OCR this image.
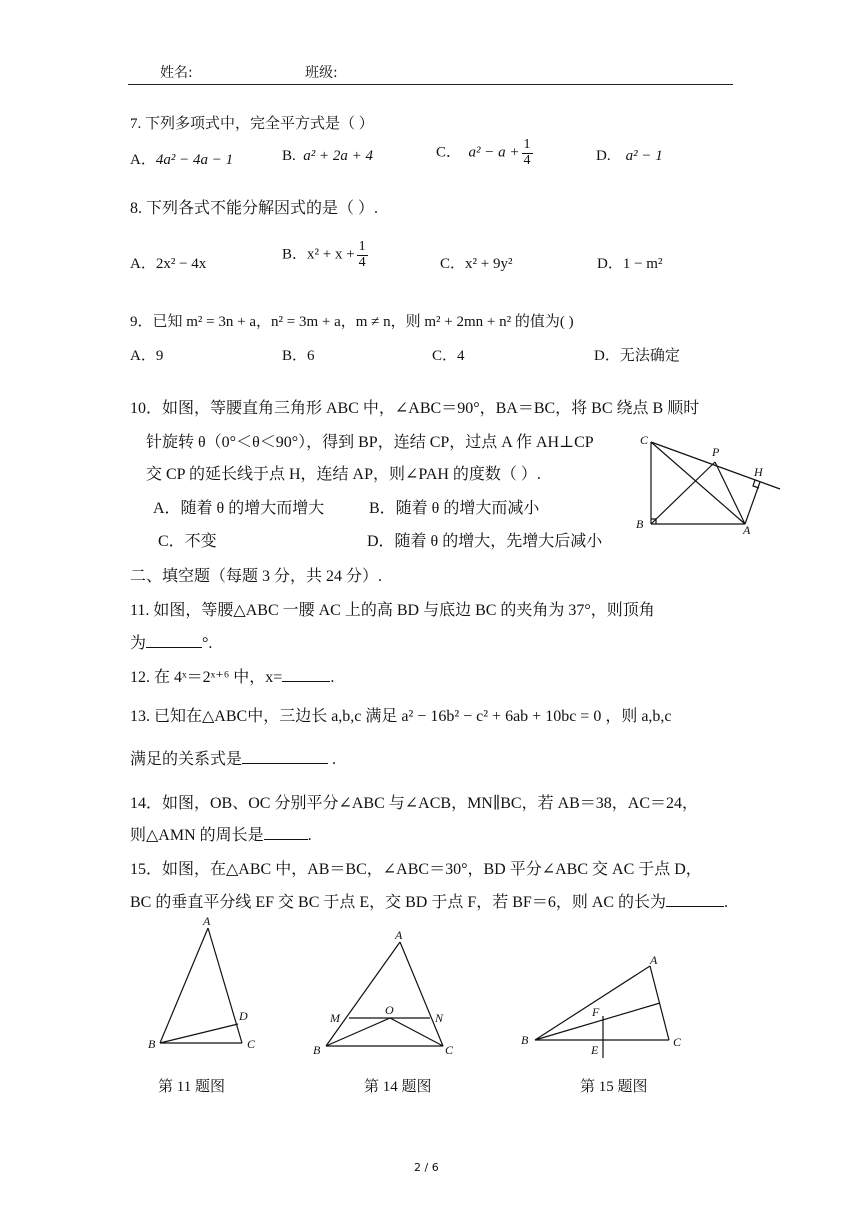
姓名:	班级:
7. 下列多项式中，完全平方式是（ ）
A．4a² − 4a − 1	B. a² + 2a + 4	C． $a^2 - a + \frac{1}{4}$	D. a² − 1
8. 下列各式不能分解因式的是（ ）.
A．2x² − 4x
B．$x^2 + x + \frac{1}{4}$	C．x² + 9y²	D．1 − m²
9．已知 m² = 3n + a，n² = 3m + a，m ≠ n，则 m² + 2mn + n² 的值为( )
A．9	B．6	C．4	D．无法确定
10．如图，等腰直角三角形 ABC 中，∠ABC＝90°，BA＝BC，将 BC 绕点 B 顺时
针旋转 θ（0°＜θ＜90°），得到 BP，连结 CP，过点 A 作 AH⊥CP
交 CP 的延长线于点 H，连结 AP，则∠PAH 的度数（ ）.
A．随着 θ 的增大而增大	B．随着 θ 的增大而减小
C．不变	D．随着 θ 的增大，先增大后减小
C
P
H
B	A
二、填空题（每题 3 分，共 24 分）.
11. 如图，等腰△ABC 一腰 AC 上的高 BD 与底边 BC 的夹角为 37°，则顶角
为	°.
12. 在 4ˣ＝2ˣ⁺⁶ 中，x=	.
13. 已知在△ABC中，三边长 a,b,c 满足 a² − 16b² − c² + 6ab + 10bc = 0 ，则 a,b,c
满足的关系式是	.
14．如图，OB、OC 分别平分∠ABC 与∠ACB，MN∥BC，若 AB＝38，AC＝24，
则△AMN 的周长是	.
15．如图，在△ABC 中，AB＝BC，∠ABC＝30°，BD 平分∠ABC 交 AC 于点 D，
BC 的垂直平分线 EF 交 BC 于点 E，交 BD 于点 F，若 BF＝6，则 AC 的长为	.
A
B	C
D
A
B	C
M	N
O
A
B	C
E
F
第 11 题图	第 14 题图	第 15 题图
2 / 6
